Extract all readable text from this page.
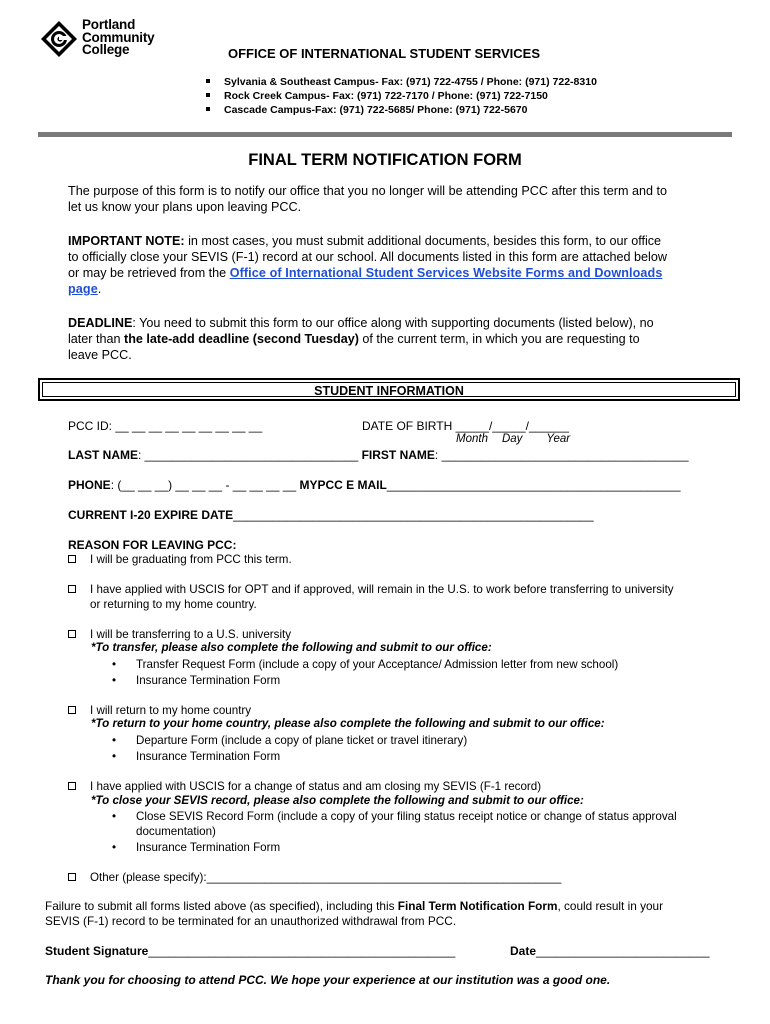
Portland
Community
College	OFFICE OF INTERNATIONAL STUDENT SERVICES
Sylvania & Southeast Campus- Fax: (971) 722-4755 / Phone: (971) 722-8310
Rock Creek Campus- Fax: (971) 722-7170 / Phone: (971) 722-7150
Cascade Campus-Fax: (971) 722-5685/ Phone: (971) 722-5670
FINAL TERM NOTIFICATION FORM
The purpose of this form is to notify our office that you no longer will be attending PCC after this term and to
let us know your plans upon leaving PCC.
IMPORTANT NOTE: in most cases, you must submit additional documents, besides this form, to our office
to officially close your SEVIS (F-1) record at our school. All documents listed in this form are attached below
or may be retrieved from the Office of International Student Services Website Forms and Downloads
page.
DEADLINE: You need to submit this form to our office along with supporting documents (listed below), no
later than the late-add deadline (second Tuesday) of the current term, in which you are requesting to
leave PCC.
STUDENT INFORMATION
PCC ID: __ __ __ __ __ __ __ __ __	DATE OF BIRTH _____/_____/______
Month Day Year
LAST NAME: ________________________________ FIRST NAME: _____________________________________
PHONE: (__ __ __) __ __ __ - __ __ __ __ MYPCC E MAIL____________________________________________
CURRENT I-20 EXPIRE DATE______________________________________________________
REASON FOR LEAVING PCC:
I will be graduating from PCC this term.
I have applied with USCIS for OPT and if approved, will remain in the U.S. to work before transferring to university
or returning to my home country.
I will be transferring to a U.S. university
*To transfer, please also complete the following and submit to our office:
• Transfer Request Form (include a copy of your Acceptance/ Admission letter from new school)
• Insurance Termination Form
I will return to my home country
*To return to your home country, please also complete the following and submit to our office:
• Departure Form (include a copy of plane ticket or travel itinerary)
• Insurance Termination Form
I have applied with USCIS for a change of status and am closing my SEVIS (F-1 record)
*To close your SEVIS record, please also complete the following and submit to our office:
• Close SEVIS Record Form (include a copy of your filing status receipt notice or change of status approval
documentation)
• Insurance Termination Form
Other (please specify):_______________________________________________________
Failure to submit all forms listed above (as specified), including this Final Term Notification Form, could result in your
SEVIS (F-1) record to be terminated for an unauthorized withdrawal from PCC.
Student Signature______________________________________________	Date__________________________
Thank you for choosing to attend PCC. We hope your experience at our institution was a good one.
